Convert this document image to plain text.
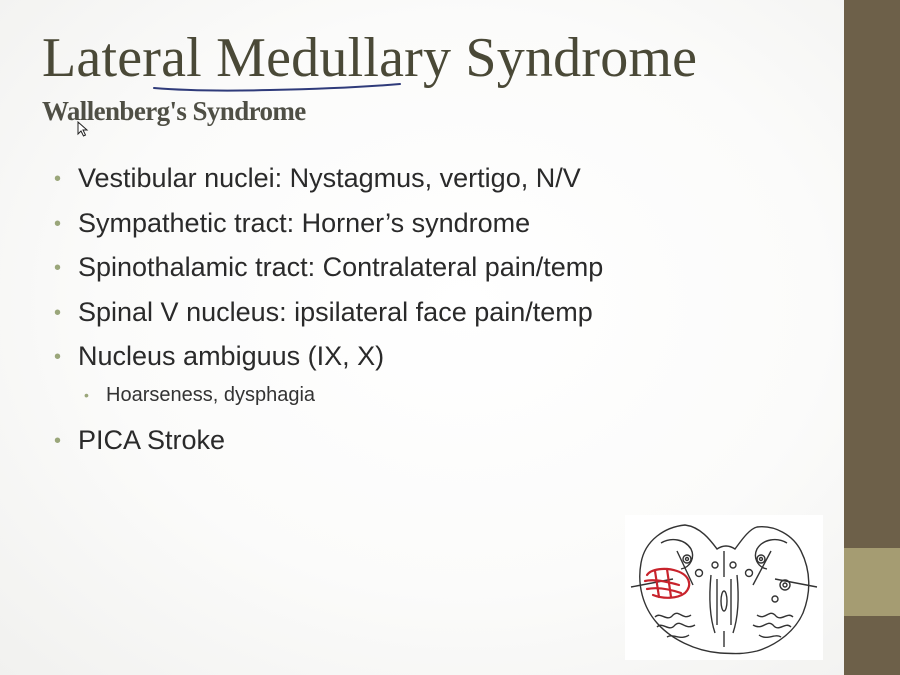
Lateral Medullary Syndrome
Wallenberg's Syndrome
• Vestibular nuclei: Nystagmus, vertigo, N/V
• Sympathetic tract: Horner’s syndrome
• Spinothalamic tract: Contralateral pain/temp
• Spinal V nucleus: ipsilateral face pain/temp
• Nucleus ambiguus (IX, X)
• Hoarseness, dysphagia
• PICA Stroke
